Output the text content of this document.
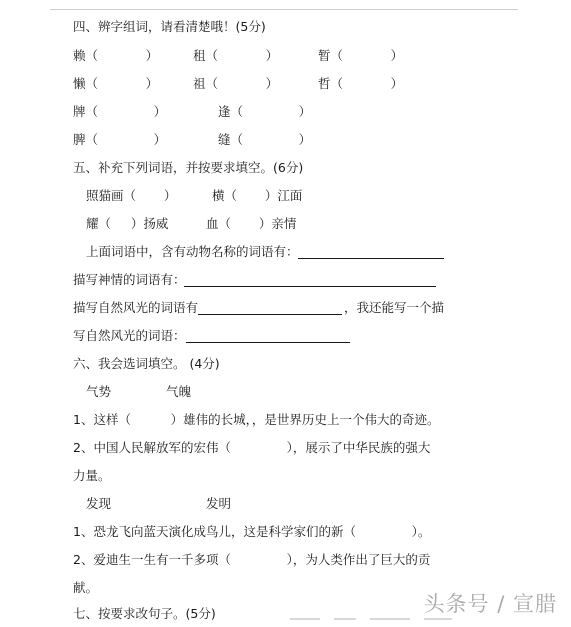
四、辨字组词，请看清楚哦！(5分)
赖（            ）	租（            ）	暂（            ）
懒（            ）	祖（            ）	哲（            ）
牌（              ）	逢（              ）
脾（              ）	缝（              ）
五、补充下列词语，并按要求填空。(6分)
照猫画（       ）	横（       ）江面
耀（     ）扬威	血（       ）亲情
上面词语中，含有动物名称的词语有：
描写神情的词语有：
描写自然风光的词语有	，我还能写一个描
写自然风光的词语：
六、我会选词填空。 (4分)
气势	气魄
1、这样（          ）雄伟的长城，，是世界历史上一个伟大的奇迹。
2、中国人民解放军的宏伟（              ），展示了中华民族的强大
力量。
发现	发明
1、恐龙飞向蓝天演化成鸟儿，这是科学家们的新（              ）。
2、爱迪生一生有一千多项（              ），为人类作出了巨大的贡
献。
七、按要求改句子。(5分)	头条号 / 宣腊
